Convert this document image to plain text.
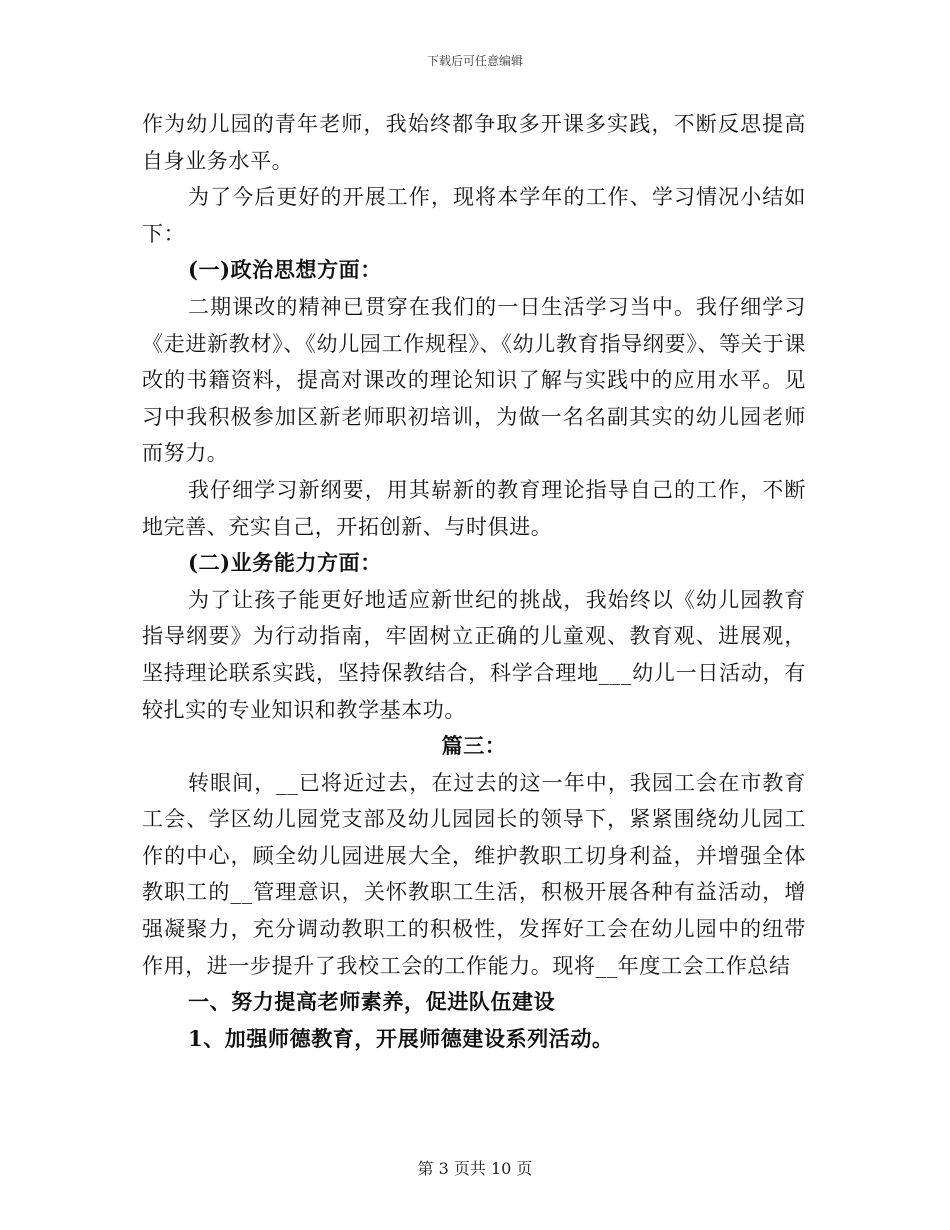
下载后可任意编辑

作为幼儿园的青年老师，我始终都争取多开课多实践，不断反思提高自身业务水平。

为了今后更好的开展工作，现将本学年的工作、学习情况小结如下：

(一)政治思想方面：

二期课改的精神已贯穿在我们的一日生活学习当中。我仔细学习《走进新教材》、《幼儿园工作规程》、《幼儿教育指导纲要》、等关于课改的书籍资料，提高对课改的理论知识了解与实践中的应用水平。见习中我积极参加区新老师职初培训，为做一名名副其实的幼儿园老师而努力。

我仔细学习新纲要，用其崭新的教育理论指导自己的工作，不断地完善、充实自己，开拓创新、与时俱进。

(二)业务能力方面：

为了让孩子能更好地适应新世纪的挑战，我始终以《幼儿园教育指导纲要》为行动指南，牢固树立正确的儿童观、教育观、进展观，坚持理论联系实践，坚持保教结合，科学合理地___幼儿一日活动，有较扎实的专业知识和教学基本功。

篇三：

转眼间，__已将近过去，在过去的这一年中，我园工会在市教育工会、学区幼儿园党支部及幼儿园园长的领导下，紧紧围绕幼儿园工作的中心，顾全幼儿园进展大全，维护教职工切身利益，并增强全体教职工的__管理意识，关怀教职工生活，积极开展各种有益活动，增强凝聚力，充分调动教职工的积极性，发挥好工会在幼儿园中的纽带作用，进一步提升了我校工会的工作能力。现将__年度工会工作总结

一、努力提高老师素养，促进队伍建设

1、加强师德教育，开展师德建设系列活动。

第 3 页共 10 页
